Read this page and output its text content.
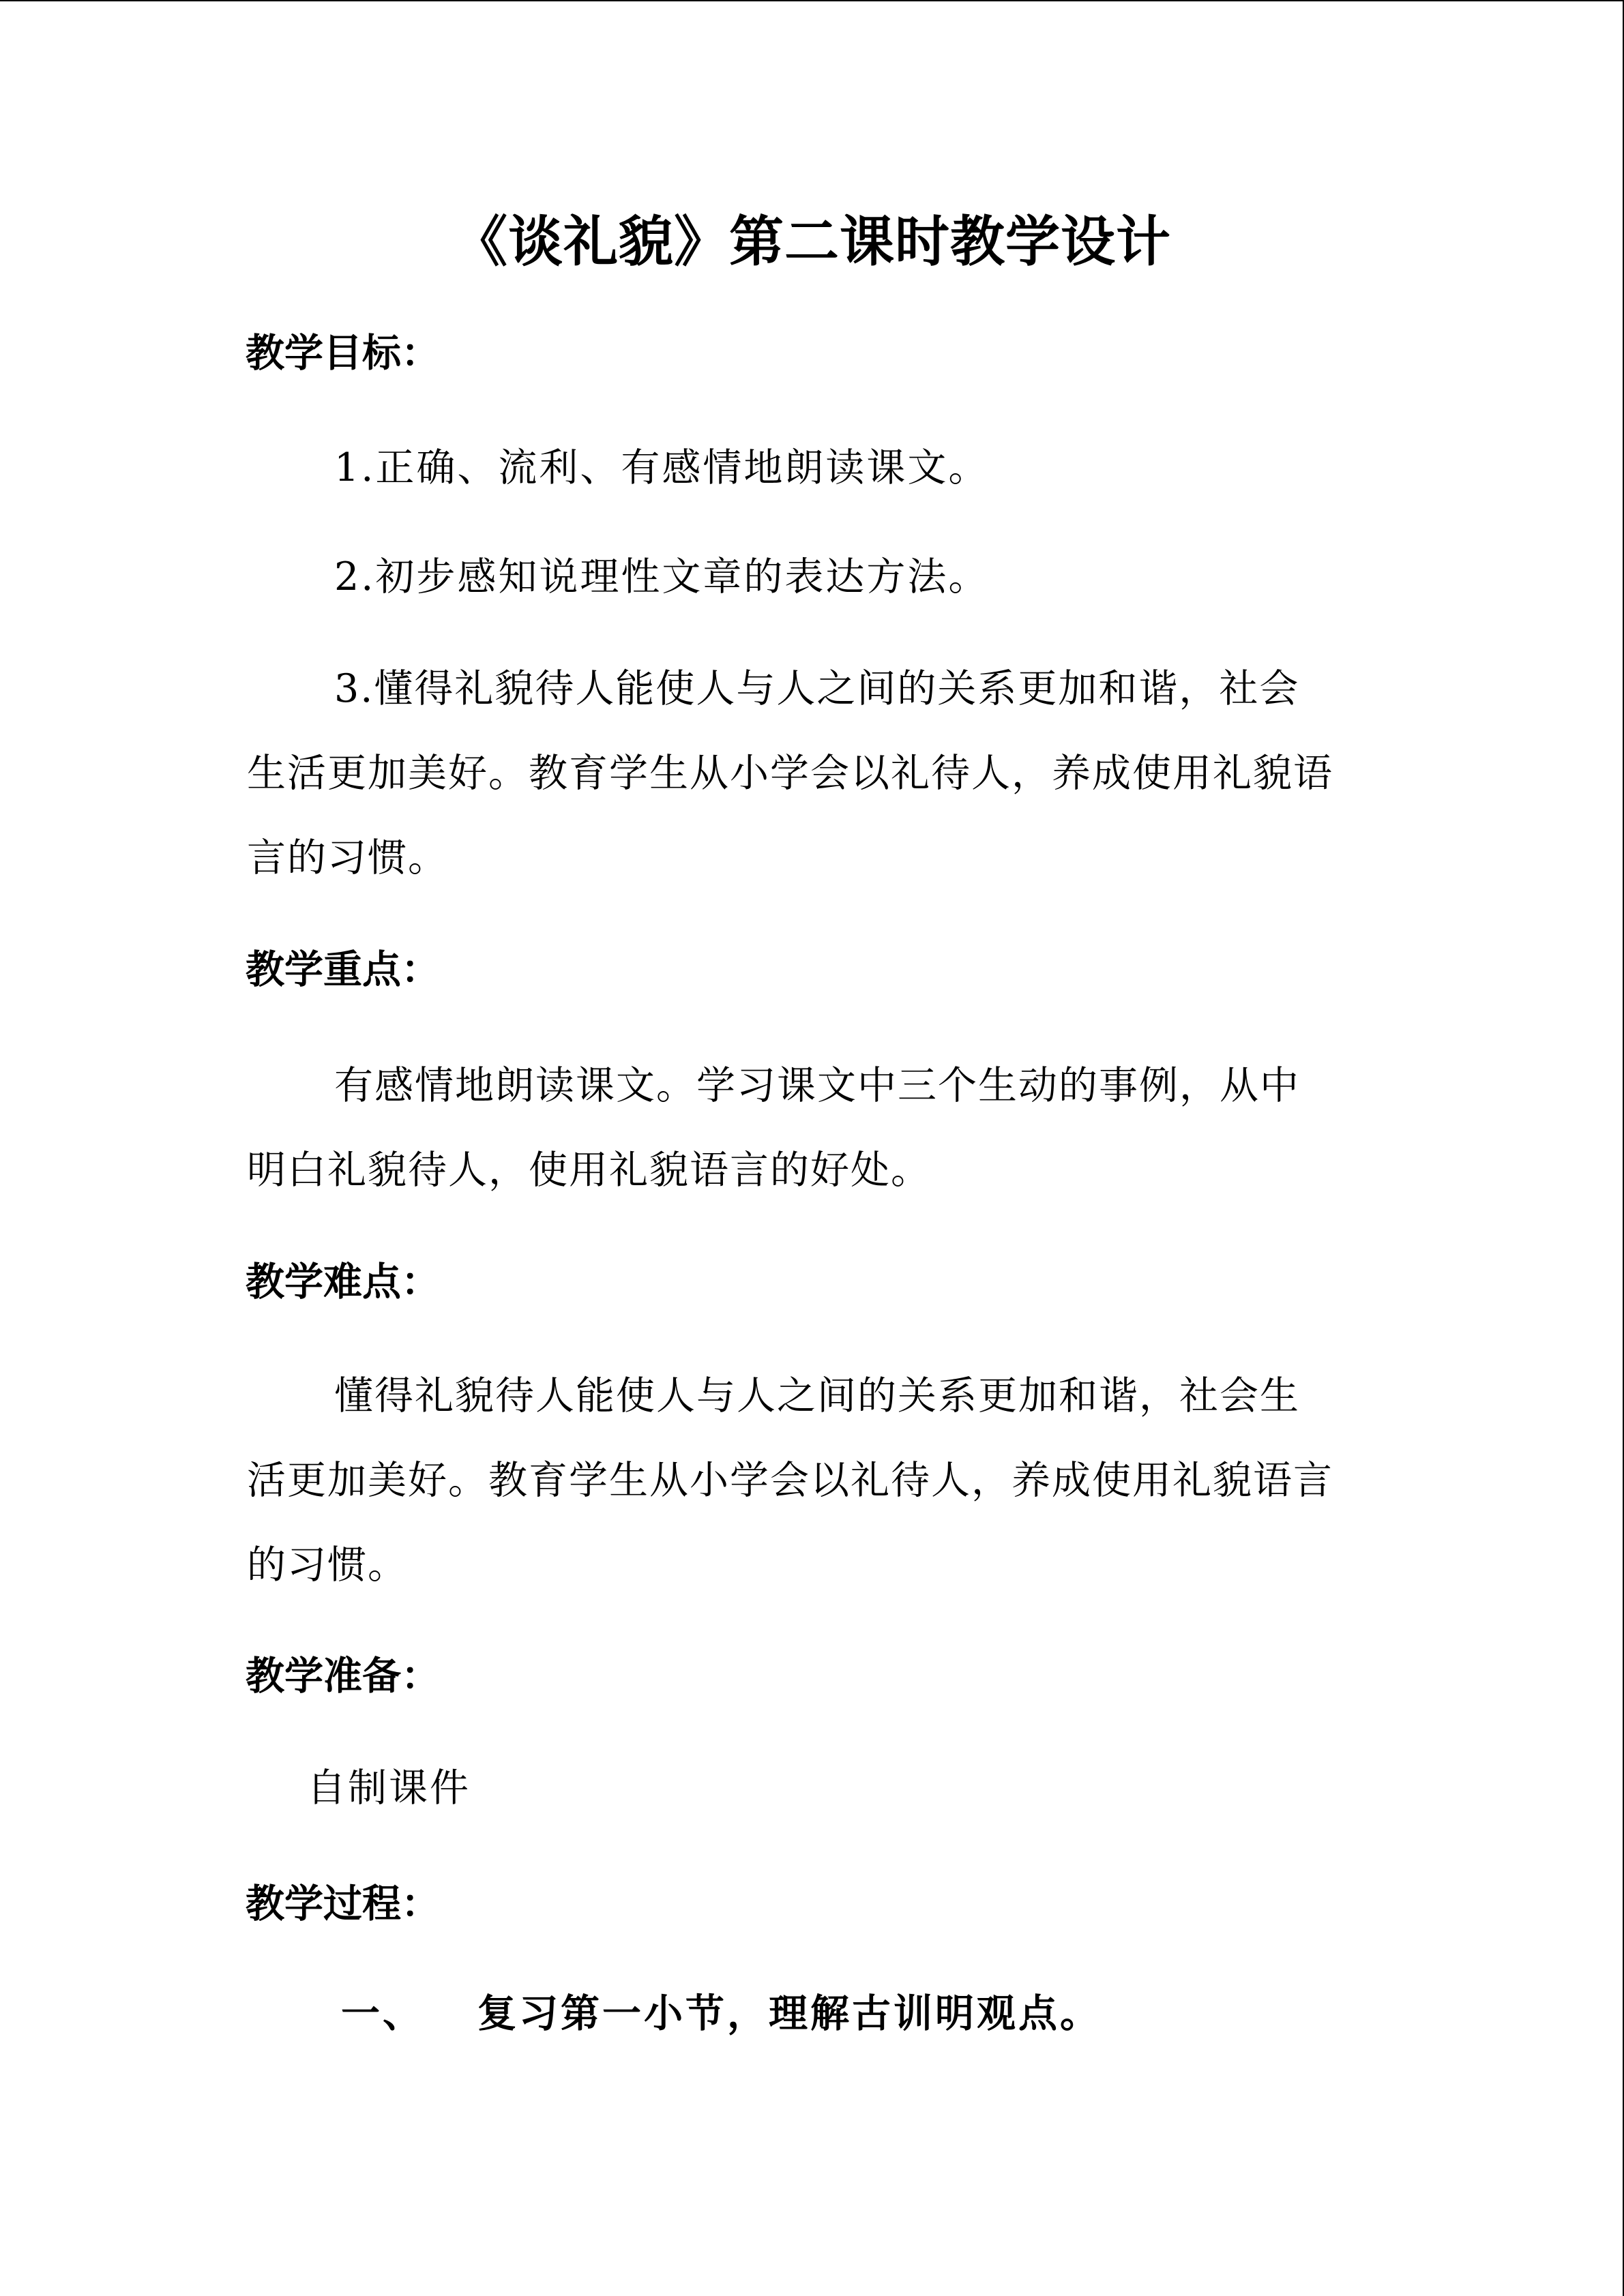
《谈礼貌》第二课时教学设计
教学目标：
1.正确、流利、有感情地朗读课文。
2.初步感知说理性文章的表达方法。
3.懂得礼貌待人能使人与人之间的关系更加和谐，社会生活更加美好。教育学生从小学会以礼待人，养成使用礼貌语言的习惯。
教学重点：
有感情地朗读课文。学习课文中三个生动的事例，从中明白礼貌待人，使用礼貌语言的好处。
教学难点：
懂得礼貌待人能使人与人之间的关系更加和谐，社会生活更加美好。教育学生从小学会以礼待人，养成使用礼貌语言的习惯。
教学准备：
自制课件
教学过程：
一、 复习第一小节，理解古训明观点。
